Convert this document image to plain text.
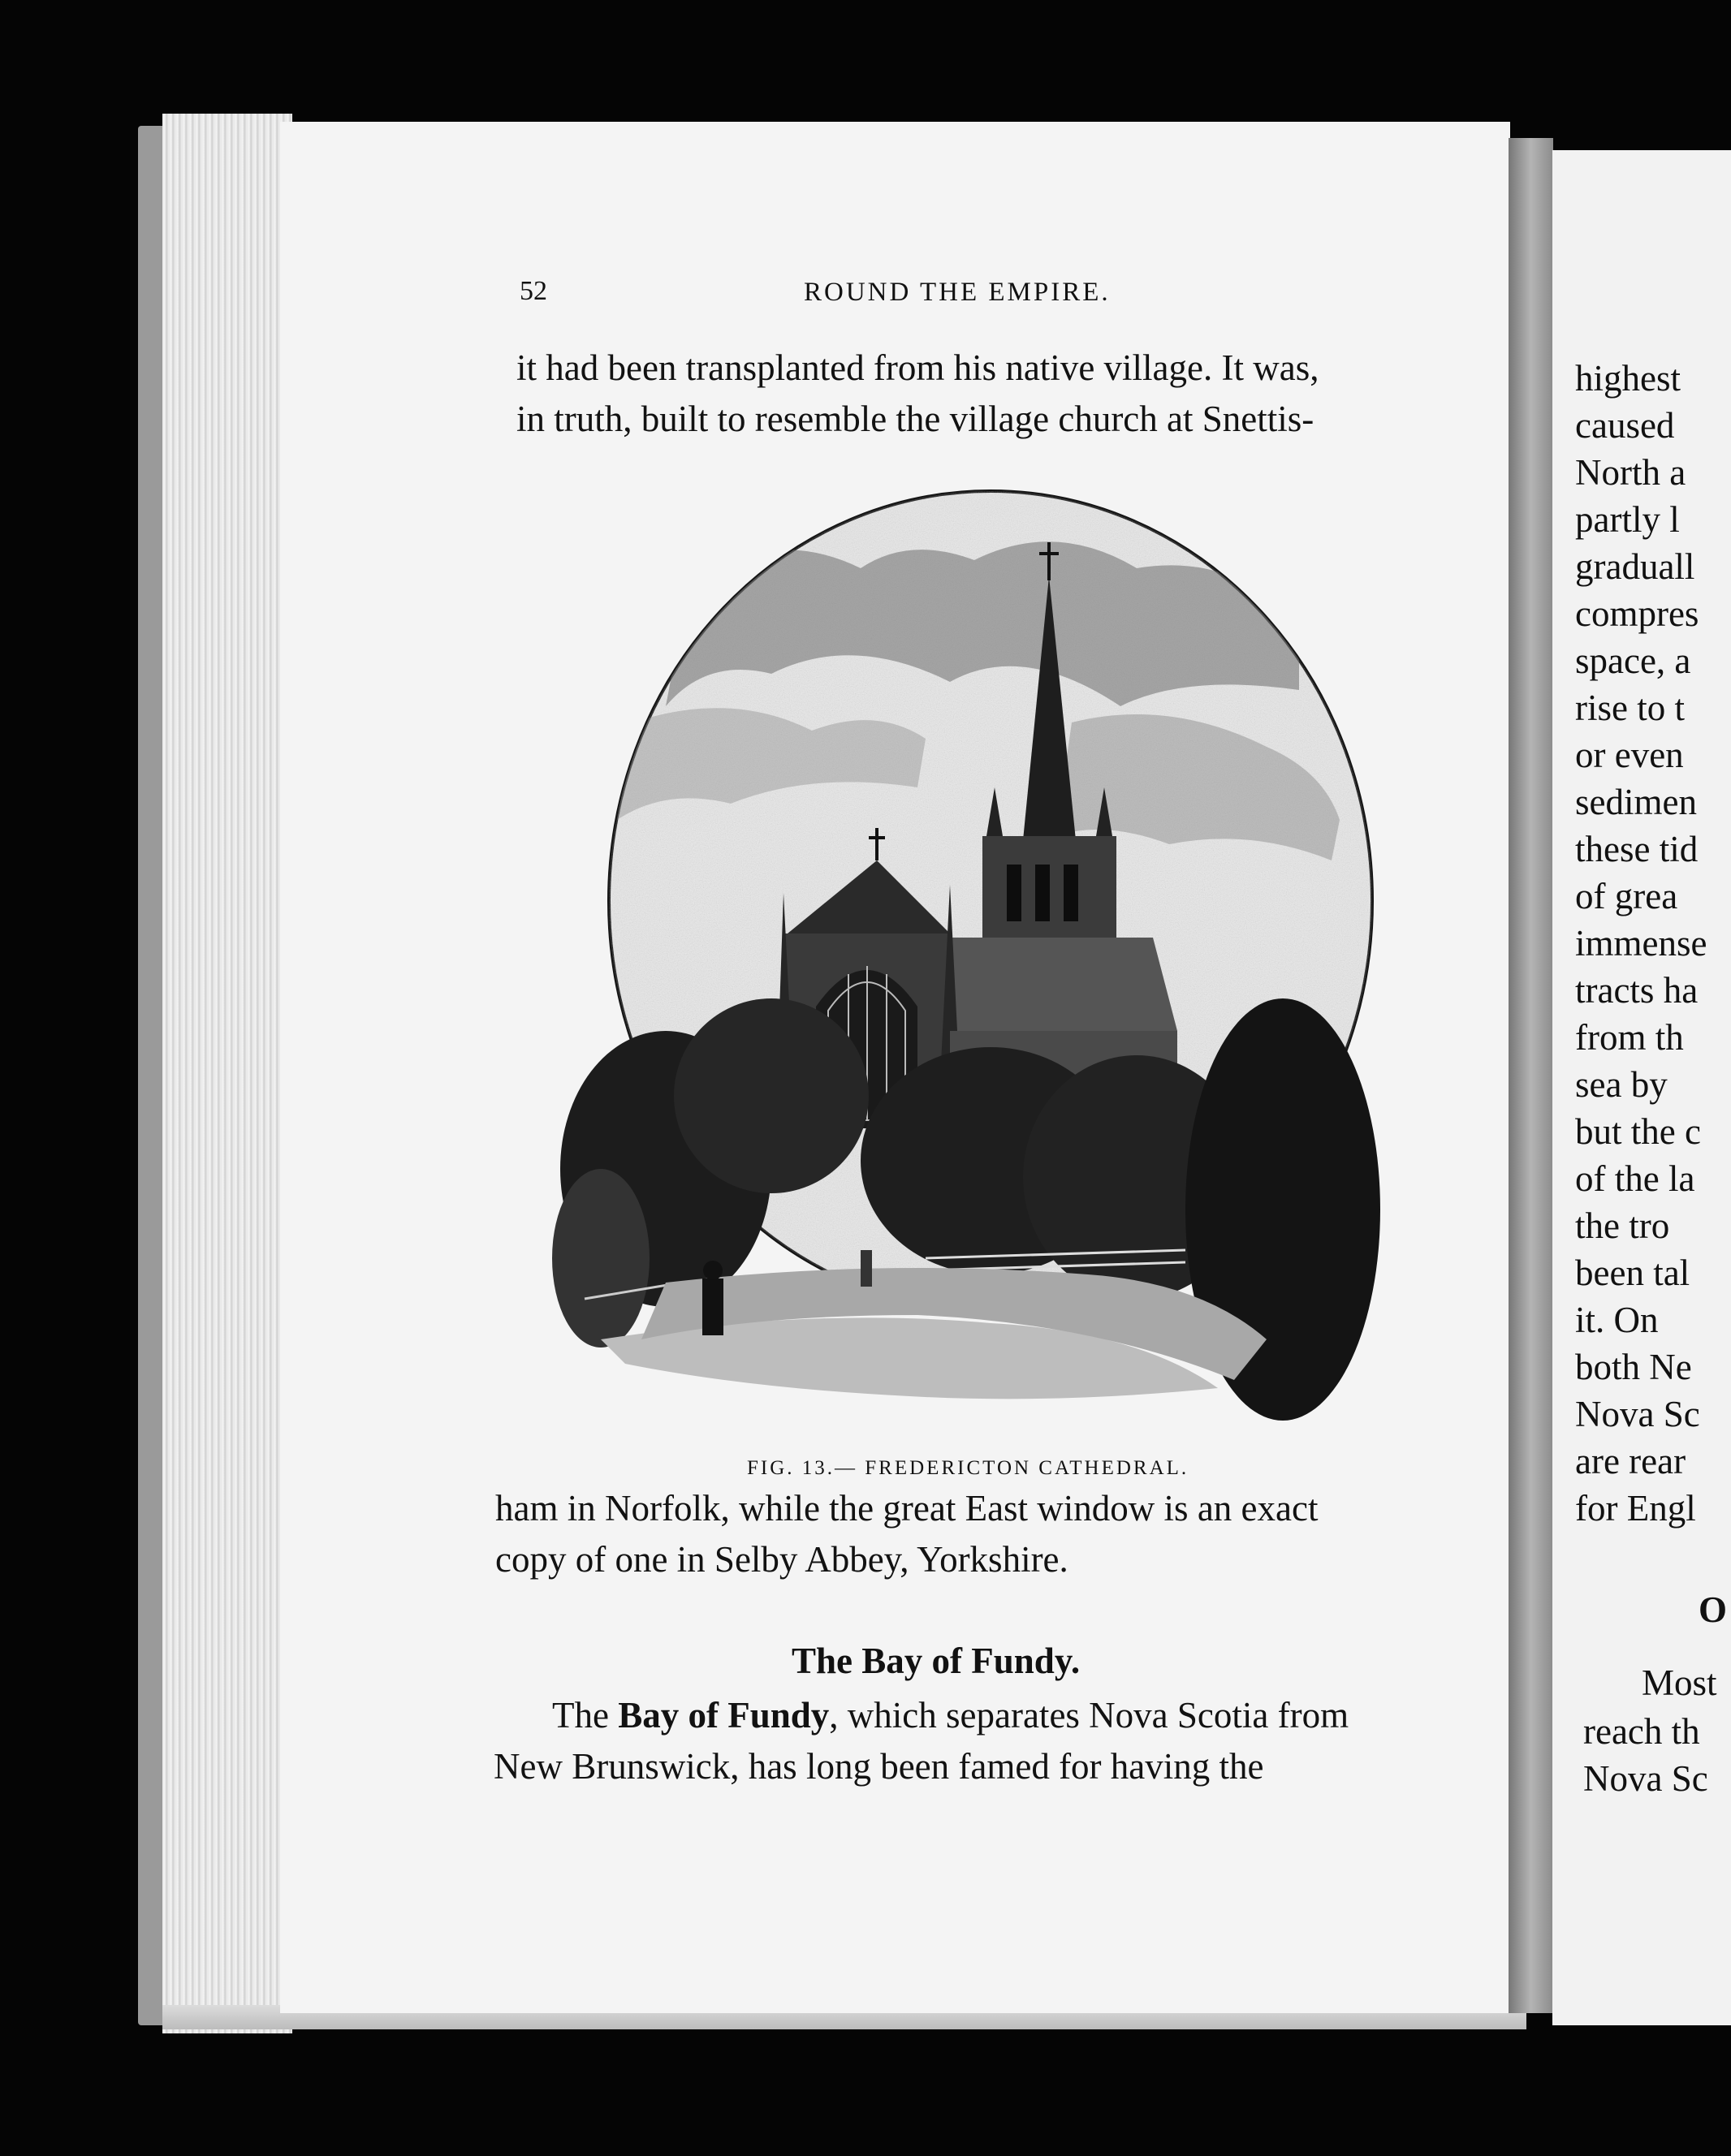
52	ROUND THE EMPIRE.
it had been transplanted from his native village. It was,
in truth, built to resemble the village church at Snettis-
FIG. 13.— FREDERICTON CATHEDRAL.
ham in Norfolk, while the great East window is an exact
copy of one in Selby Abbey, Yorkshire.
The Bay of Fundy.
The Bay of Fundy, which separates Nova Scotia from
New Brunswick, has long been famed for having the
highest
caused
North a
partly l
graduall
compres
space, a
rise to t
or even
sedimen
these tid
of grea
immense
tracts ha
from th
sea by
but the c
of the la
the tro
been tal
it. On
both Ne
Nova Sc
are rear
for Engl
O
Most
reach th
Nova Sc
